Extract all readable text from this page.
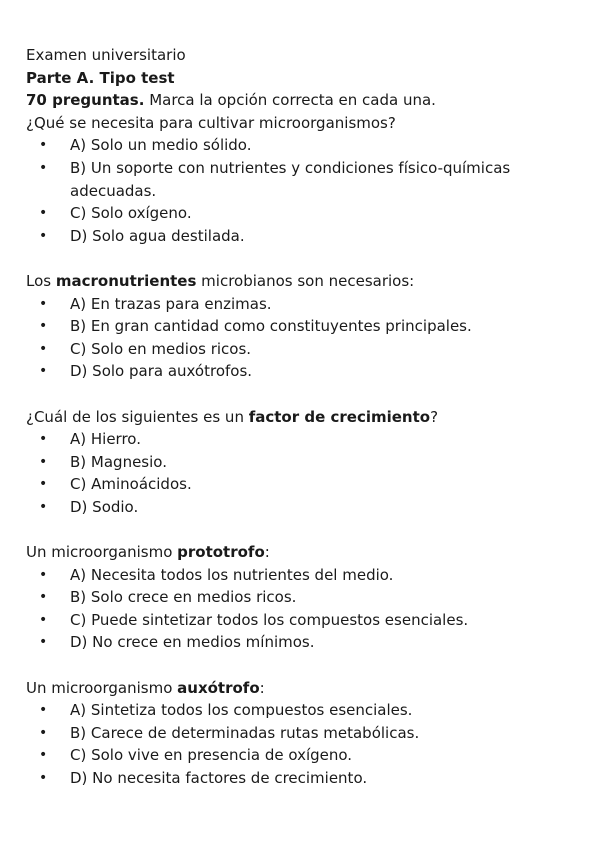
Examen universitario
Parte A. Tipo test
70 preguntas. Marca la opción correcta en cada una.
¿Qué se necesita para cultivar microorganismos?
• A) Solo un medio sólido.
• B) Un soporte con nutrientes y condiciones físico-químicas adecuadas.
• C) Solo oxígeno.
• D) Solo agua destilada.
Los macronutrientes microbianos son necesarios:
• A) En trazas para enzimas.
• B) En gran cantidad como constituyentes principales.
• C) Solo en medios ricos.
• D) Solo para auxótrofos.
¿Cuál de los siguientes es un factor de crecimiento?
• A) Hierro.
• B) Magnesio.
• C) Aminoácidos.
• D) Sodio.
Un microorganismo prototrofo:
• A) Necesita todos los nutrientes del medio.
• B) Solo crece en medios ricos.
• C) Puede sintetizar todos los compuestos esenciales.
• D) No crece en medios mínimos.
Un microorganismo auxótrofo:
• A) Sintetiza todos los compuestos esenciales.
• B) Carece de determinadas rutas metabólicas.
• C) Solo vive en presencia de oxígeno.
• D) No necesita factores de crecimiento.
